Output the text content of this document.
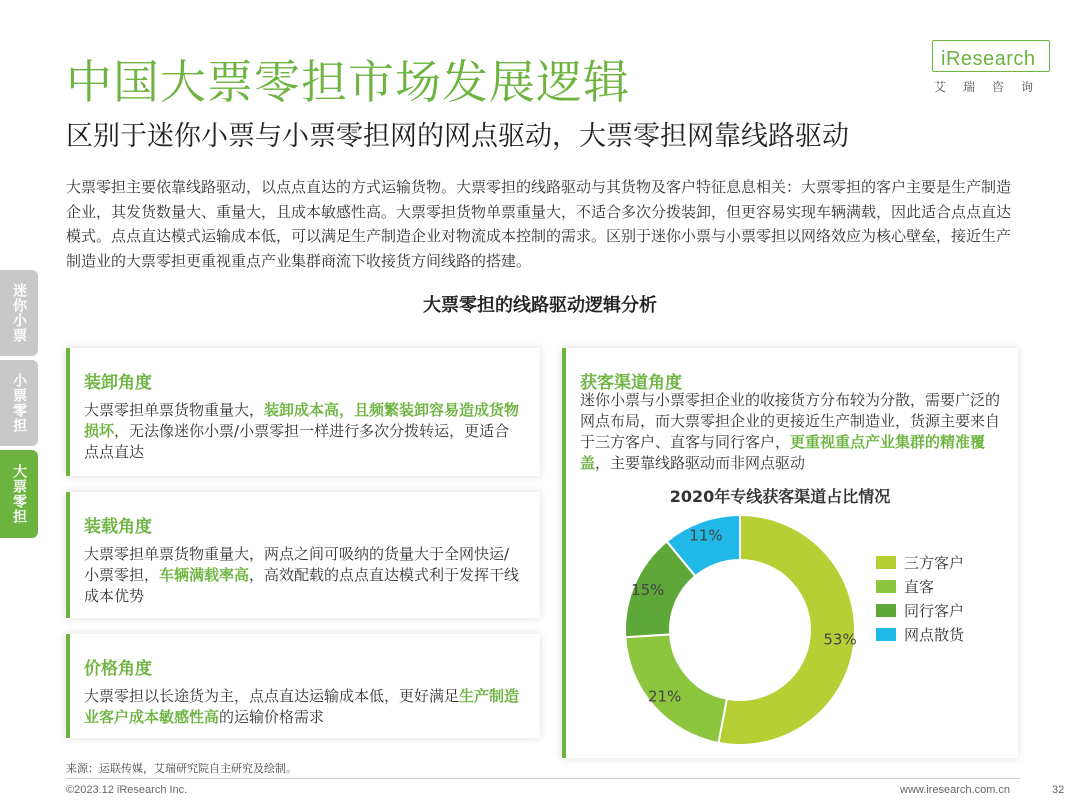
中国大票零担市场发展逻辑
区别于迷你小票与小票零担网的网点驱动，大票零担网靠线路驱动
iResearch
艾瑞咨询
大票零担主要依靠线路驱动，以点点直达的方式运输货物。大票零担的线路驱动与其货物及客户特征息息相关：大票零担的客户主要是生产制造企业，其发货数量大、重量大，且成本敏感性高。大票零担货物单票重量大，不适合多次分拨装卸，但更容易实现车辆满载，因此适合点点直达模式。点点直达模式运输成本低，可以满足生产制造企业对物流成本控制的需求。区别于迷你小票与小票零担以网络效应为核心壁垒，接近生产制造业的大票零担更重视重点产业集群商流下收接货方间线路的搭建。
迷你小票
小票零担
大票零担
大票零担的线路驱动逻辑分析
装卸角度
大票零担单票货物重量大，装卸成本高，且频繁装卸容易造成货物损坏，无法像迷你小票/小票零担一样进行多次分拨转运，更适合点点直达
装载角度
大票零担单票货物重量大，两点之间可吸纳的货量大于全网快运/小票零担，车辆满载率高，高效配载的点点直达模式利于发挥干线成本优势
价格角度
大票零担以长途货为主，点点直达运输成本低，更好满足生产制造业客户成本敏感性高的运输价格需求
获客渠道角度
迷你小票与小票零担企业的收接货方分布较为分散，需要广泛的网点布局，而大票零担企业的更接近生产制造业，货源主要来自于三方客户、直客与同行客户，更重视重点产业集群的精准覆盖，主要靠线路驱动而非网点驱动
2020年专线获客渠道占比情况
53%
21%
15%
11%
三方客户
直客
同行客户
网点散货
来源：运联传媒，艾瑞研究院自主研究及绘制。
©2023.12 iResearch Inc.	www.iresearch.com.cn	32
